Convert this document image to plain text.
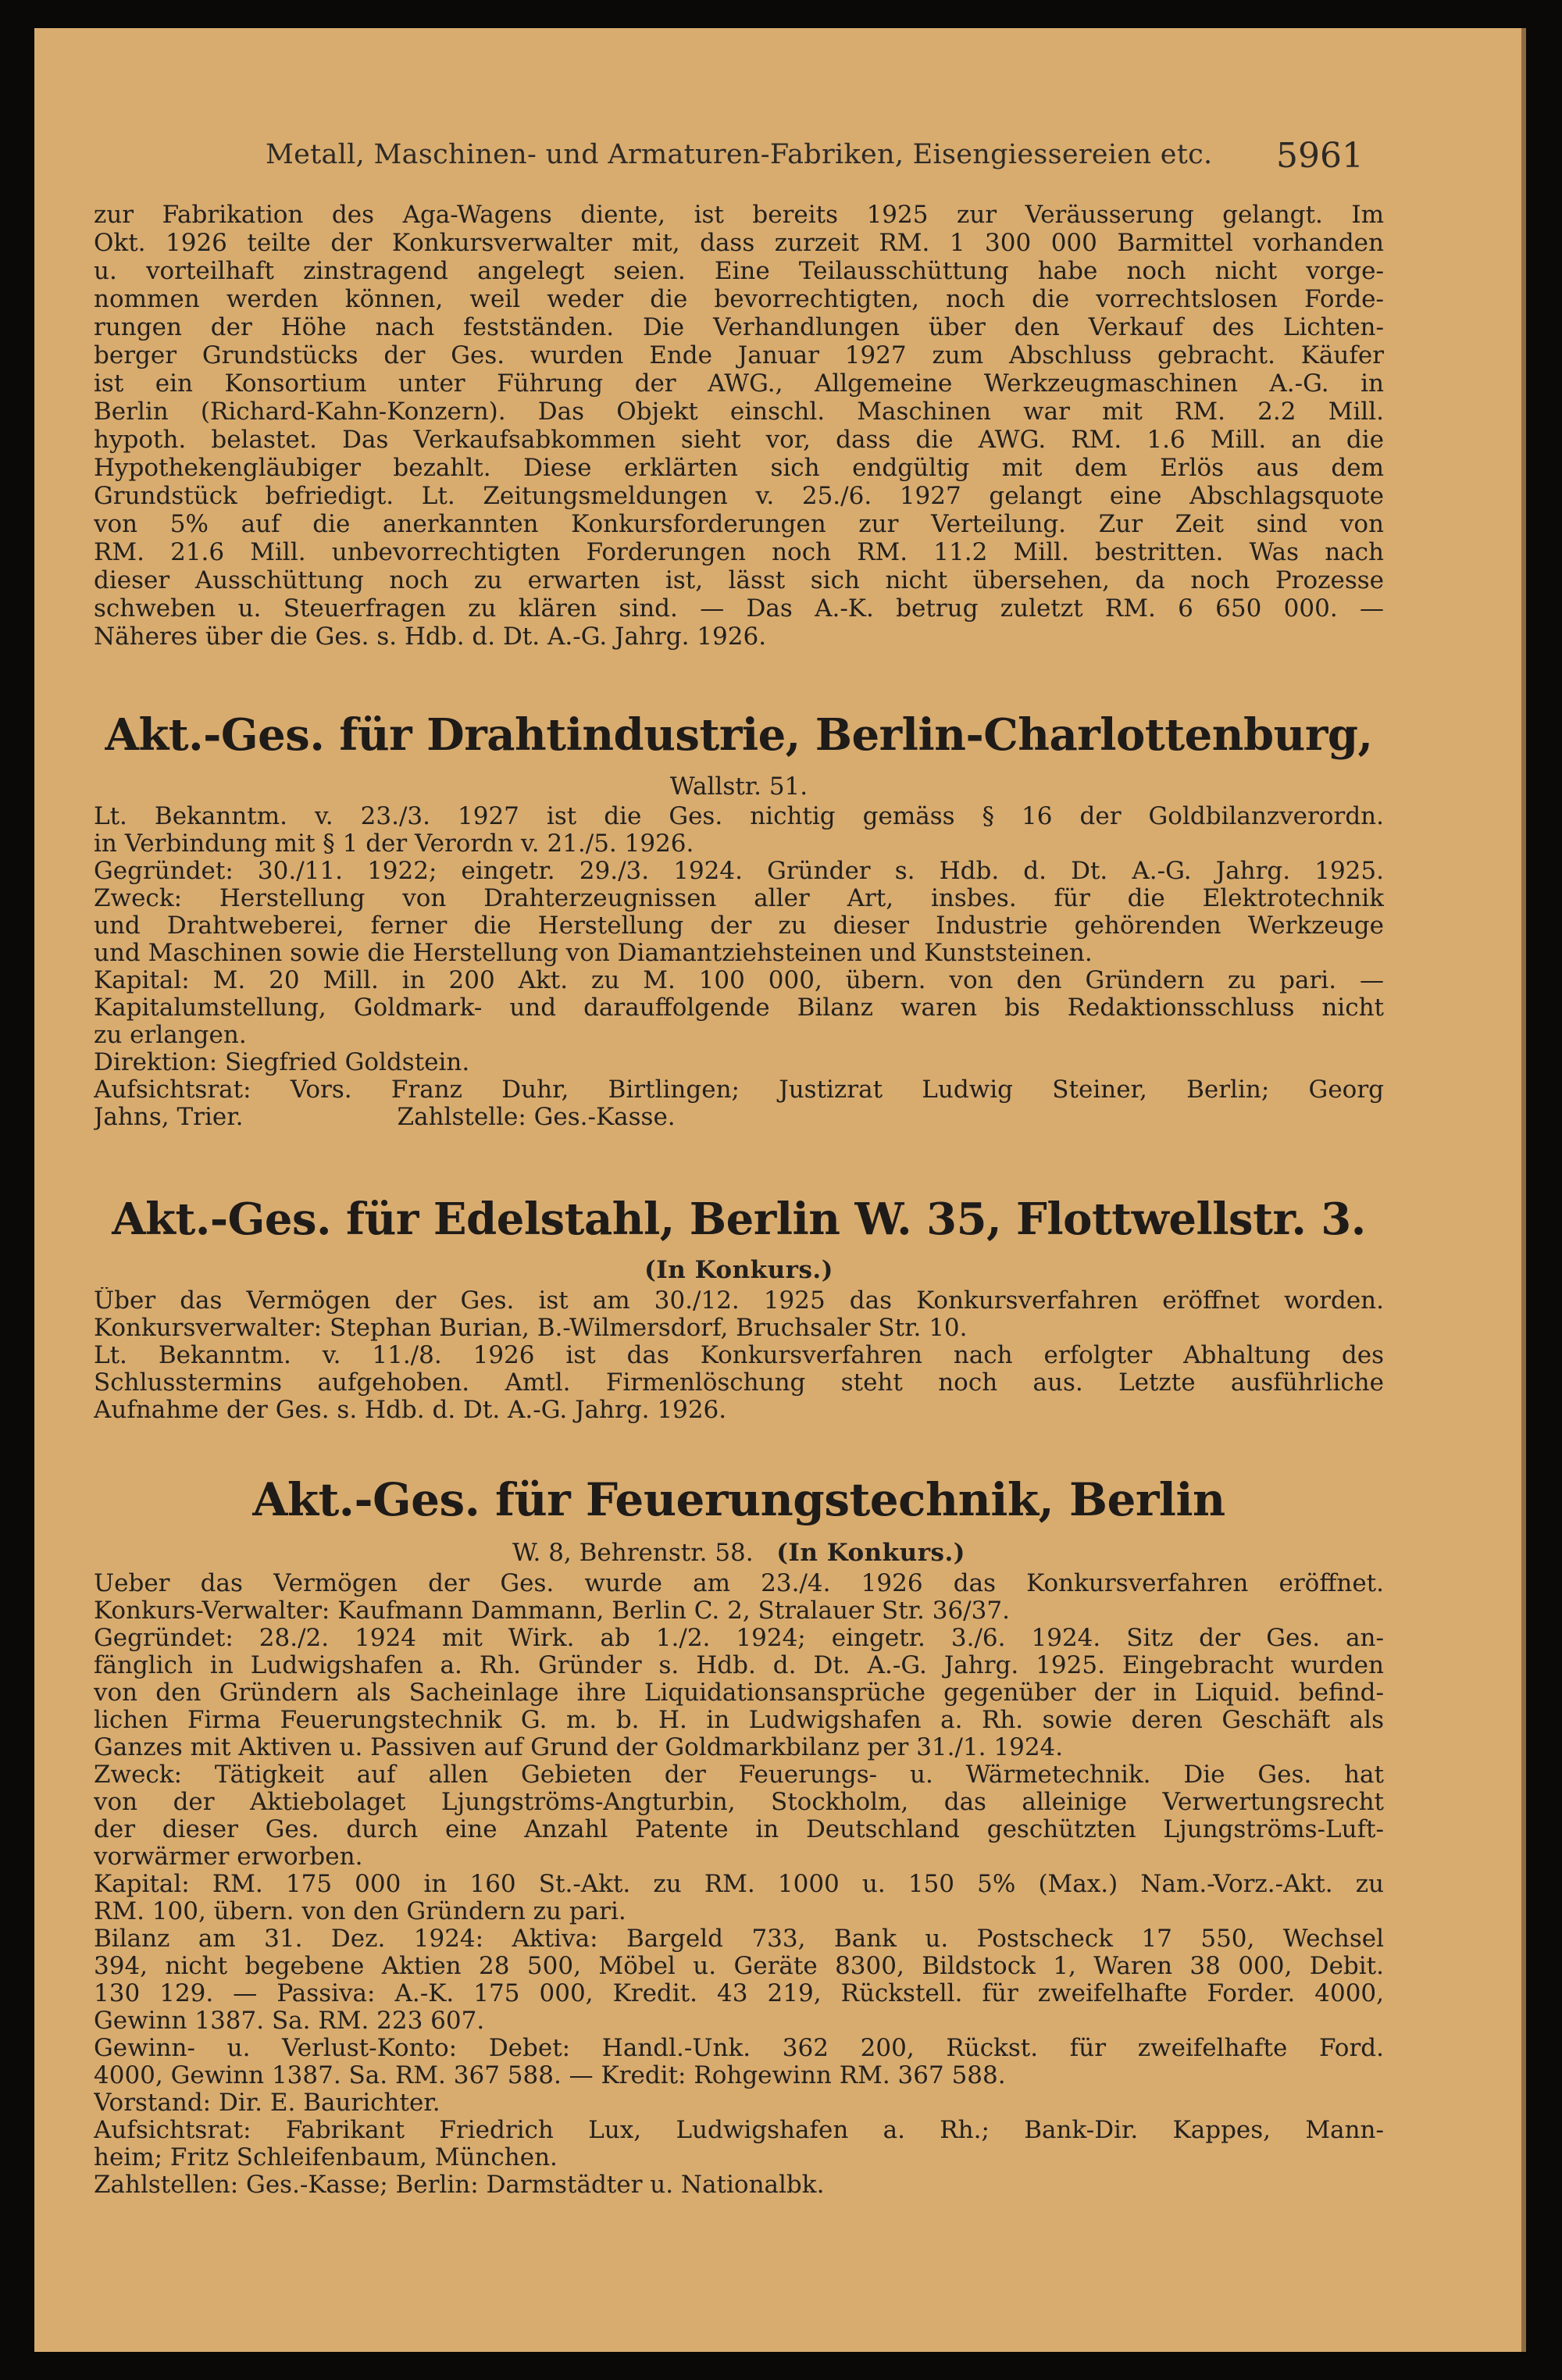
Metall, Maschinen- und Armaturen-Fabriken, Eisengiessereien etc.	5961
zur Fabrikation des Aga-Wagens diente, ist bereits 1925 zur Veräusserung gelangt. Im
Okt. 1926 teilte der Konkursverwalter mit, dass zurzeit RM. 1 300 000 Barmittel vorhanden
u. vorteilhaft zinstragend angelegt seien. Eine Teilausschüttung habe noch nicht vorge-
nommen werden können, weil weder die bevorrechtigten, noch die vorrechtslosen Forde-
rungen der Höhe nach festständen. Die Verhandlungen über den Verkauf des Lichten-
berger Grundstücks der Ges. wurden Ende Januar 1927 zum Abschluss gebracht. Käufer
ist ein Konsortium unter Führung der AWG., Allgemeine Werkzeugmaschinen A.-G. in
Berlin (Richard-Kahn-Konzern). Das Objekt einschl. Maschinen war mit RM. 2.2 Mill.
hypoth. belastet. Das Verkaufsabkommen sieht vor, dass die AWG. RM. 1.6 Mill. an die
Hypothekengläubiger bezahlt. Diese erklärten sich endgültig mit dem Erlös aus dem
Grundstück befriedigt. Lt. Zeitungsmeldungen v. 25./6. 1927 gelangt eine Abschlagsquote
von 5% auf die anerkannten Konkursforderungen zur Verteilung. Zur Zeit sind von
RM. 21.6 Mill. unbevorrechtigten Forderungen noch RM. 11.2 Mill. bestritten. Was nach
dieser Ausschüttung noch zu erwarten ist, lässt sich nicht übersehen, da noch Prozesse
schweben u. Steuerfragen zu klären sind. — Das A.-K. betrug zuletzt RM. 6 650 000. —
Näheres über die Ges. s. Hdb. d. Dt. A.-G. Jahrg. 1926.
Akt.-Ges. für Drahtindustrie, Berlin-Charlottenburg,
Wallstr. 51.
Lt. Bekanntm. v. 23./3. 1927 ist die Ges. nichtig gemäss § 16 der Goldbilanzverordn.
in Verbindung mit § 1 der Verordn v. 21./5. 1926.
Gegründet: 30./11. 1922; eingetr. 29./3. 1924. Gründer s. Hdb. d. Dt. A.-G. Jahrg. 1925.
Zweck: Herstellung von Drahterzeugnissen aller Art, insbes. für die Elektrotechnik
und Drahtweberei, ferner die Herstellung der zu dieser Industrie gehörenden Werkzeuge
und Maschinen sowie die Herstellung von Diamantziehsteinen und Kunststeinen.
Kapital: M. 20 Mill. in 200 Akt. zu M. 100 000, übern. von den Gründern zu pari. —
Kapitalumstellung, Goldmark- und darauffolgende Bilanz waren bis Redaktionsschluss nicht
zu erlangen.
Direktion: Siegfried Goldstein.
Aufsichtsrat: Vors. Franz Duhr, Birtlingen; Justizrat Ludwig Steiner, Berlin; Georg
Jahns, Trier.                    Zahlstelle: Ges.-Kasse.
Akt.-Ges. für Edelstahl, Berlin W. 35, Flottwellstr. 3.
(In Konkurs.)
Über das Vermögen der Ges. ist am 30./12. 1925 das Konkursverfahren eröffnet worden.
Konkursverwalter: Stephan Burian, B.-Wilmersdorf, Bruchsaler Str. 10.
Lt. Bekanntm. v. 11./8. 1926 ist das Konkursverfahren nach erfolgter Abhaltung des
Schlusstermins aufgehoben. Amtl. Firmenlöschung steht noch aus. Letzte ausführliche
Aufnahme der Ges. s. Hdb. d. Dt. A.-G. Jahrg. 1926.
Akt.-Ges. für Feuerungstechnik, Berlin
W. 8, Behrenstr. 58. (In Konkurs.)
Ueber das Vermögen der Ges. wurde am 23./4. 1926 das Konkursverfahren eröffnet.
Konkurs-Verwalter: Kaufmann Dammann, Berlin C. 2, Stralauer Str. 36/37.
Gegründet: 28./2. 1924 mit Wirk. ab 1./2. 1924; eingetr. 3./6. 1924. Sitz der Ges. an-
fänglich in Ludwigshafen a. Rh. Gründer s. Hdb. d. Dt. A.-G. Jahrg. 1925. Eingebracht wurden
von den Gründern als Sacheinlage ihre Liquidationsansprüche gegenüber der in Liquid. befind-
lichen Firma Feuerungstechnik G. m. b. H. in Ludwigshafen a. Rh. sowie deren Geschäft als
Ganzes mit Aktiven u. Passiven auf Grund der Goldmarkbilanz per 31./1. 1924.
Zweck: Tätigkeit auf allen Gebieten der Feuerungs- u. Wärmetechnik. Die Ges. hat
von der Aktiebolaget Ljungströms-Angturbin, Stockholm, das alleinige Verwertungsrecht
der dieser Ges. durch eine Anzahl Patente in Deutschland geschützten Ljungströms-Luft-
vorwärmer erworben.
Kapital: RM. 175 000 in 160 St.-Akt. zu RM. 1000 u. 150 5% (Max.) Nam.-Vorz.-Akt. zu
RM. 100, übern. von den Gründern zu pari.
Bilanz am 31. Dez. 1924: Aktiva: Bargeld 733, Bank u. Postscheck 17 550, Wechsel
394, nicht begebene Aktien 28 500, Möbel u. Geräte 8300, Bildstock 1, Waren 38 000, Debit.
130 129. — Passiva: A.-K. 175 000, Kredit. 43 219, Rückstell. für zweifelhafte Forder. 4000,
Gewinn 1387. Sa. RM. 223 607.
Gewinn- u. Verlust-Konto: Debet: Handl.-Unk. 362 200, Rückst. für zweifelhafte Ford.
4000, Gewinn 1387. Sa. RM. 367 588. — Kredit: Rohgewinn RM. 367 588.
Vorstand: Dir. E. Baurichter.
Aufsichtsrat: Fabrikant Friedrich Lux, Ludwigshafen a. Rh.; Bank-Dir. Kappes, Mann-
heim; Fritz Schleifenbaum, München.
Zahlstellen: Ges.-Kasse; Berlin: Darmstädter u. Nationalbk.
